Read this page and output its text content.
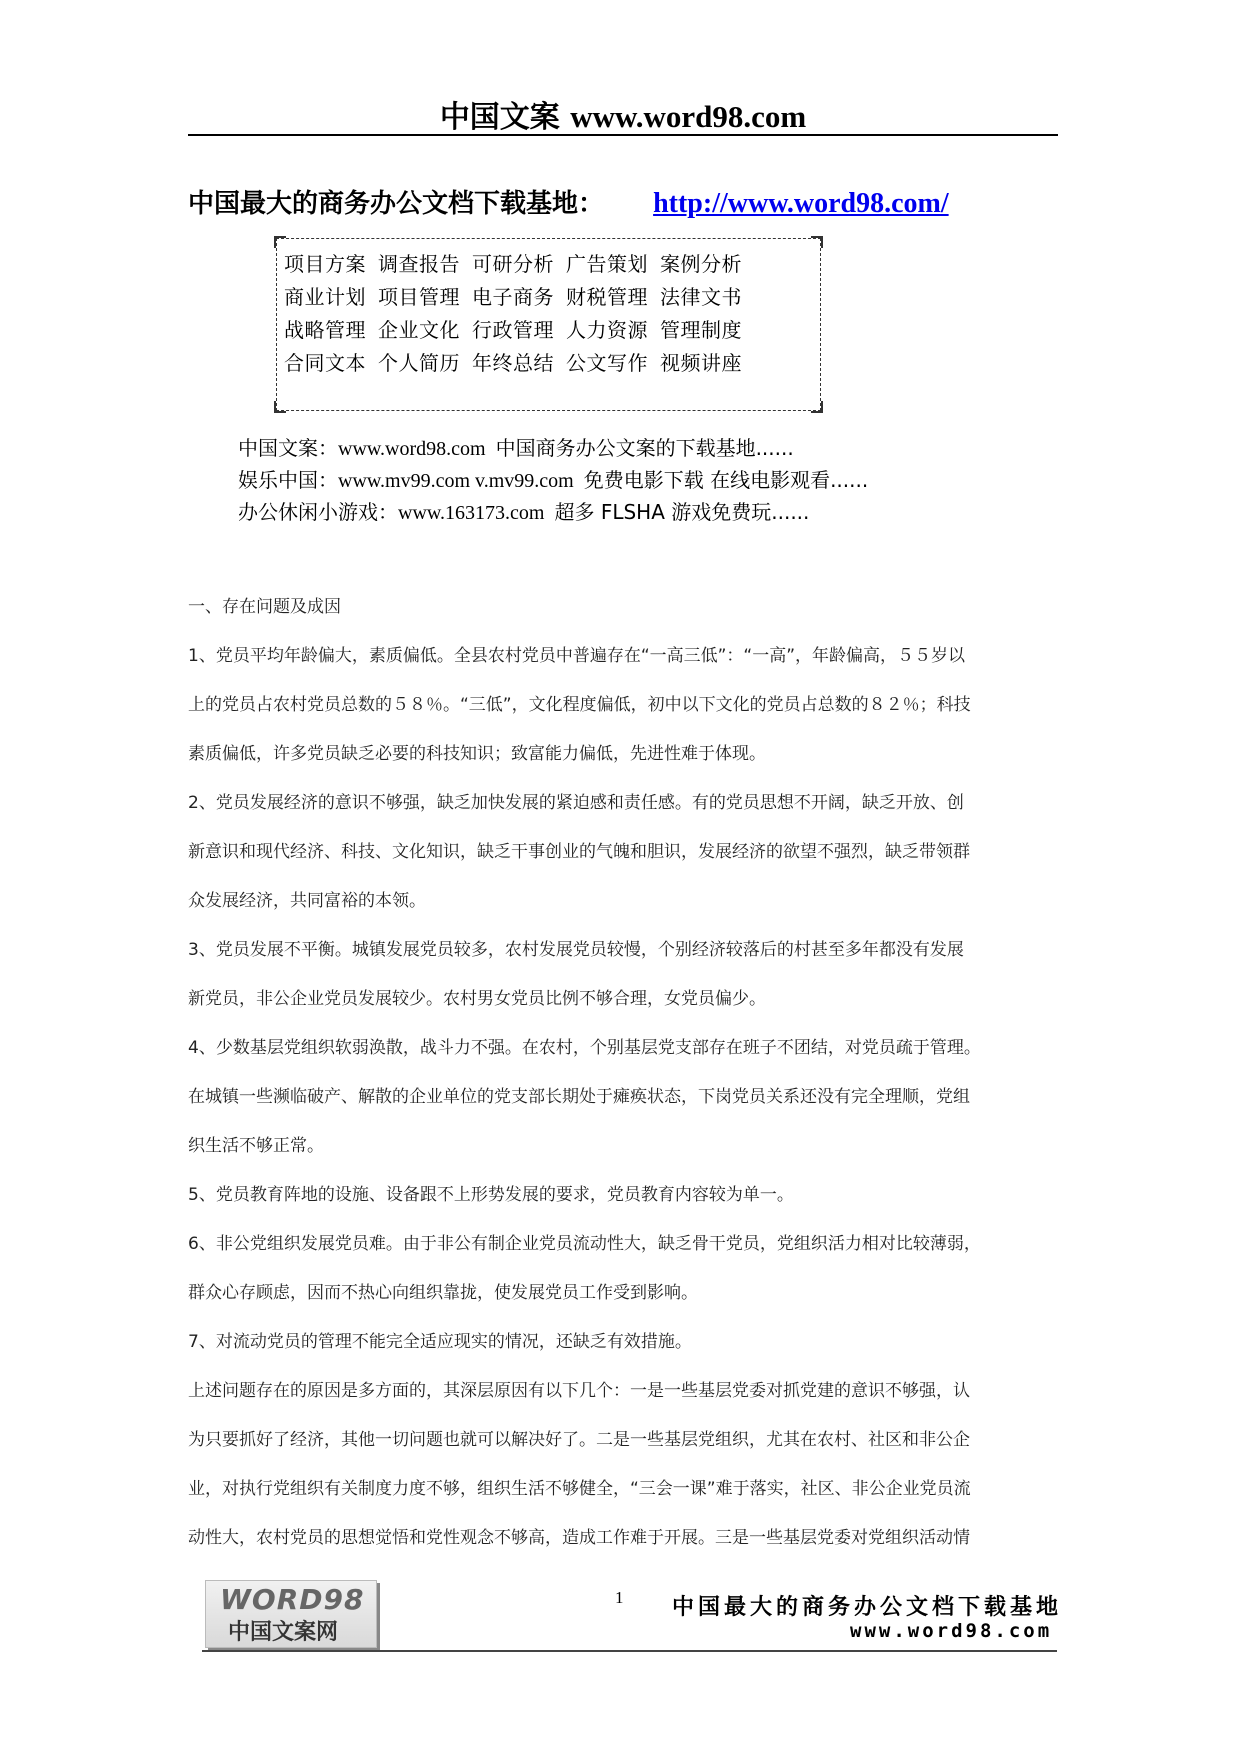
中国文案 www.word98.com
中国最大的商务办公文档下载基地： http://www.word98.com/
项目方案 调查报告 可研分析 广告策划 案例分析
商业计划 项目管理 电子商务 财税管理 法律文书
战略管理 企业文化 行政管理 人力资源 管理制度
合同文本 个人简历 年终总结 公文写作 视频讲座
中国文案：www.word98.com 中国商务办公文案的下载基地......
娱乐中国：www.mv99.com v.mv99.com 免费电影下载 在线电影观看......
办公休闲小游戏：www.163173.com 超多 FLSHA 游戏免费玩......
一、存在问题及成因
1、党员平均年龄偏大，素质偏低。全县农村党员中普遍存在“一高三低”：“一高”，年龄偏高，５５岁以
上的党员占农村党员总数的５８％。“三低”，文化程度偏低，初中以下文化的党员占总数的８２％；科技
素质偏低，许多党员缺乏必要的科技知识；致富能力偏低，先进性难于体现。
2、党员发展经济的意识不够强，缺乏加快发展的紧迫感和责任感。有的党员思想不开阔，缺乏开放、创
新意识和现代经济、科技、文化知识，缺乏干事创业的气魄和胆识，发展经济的欲望不强烈，缺乏带领群
众发展经济，共同富裕的本领。
3、党员发展不平衡。城镇发展党员较多，农村发展党员较慢，个别经济较落后的村甚至多年都没有发展
新党员，非公企业党员发展较少。农村男女党员比例不够合理，女党员偏少。
4、少数基层党组织软弱涣散，战斗力不强。在农村，个别基层党支部存在班子不团结，对党员疏于管理。
在城镇一些濒临破产、解散的企业单位的党支部长期处于瘫痪状态，下岗党员关系还没有完全理顺，党组
织生活不够正常。
5、党员教育阵地的设施、设备跟不上形势发展的要求，党员教育内容较为单一。
6、非公党组织发展党员难。由于非公有制企业党员流动性大，缺乏骨干党员，党组织活力相对比较薄弱，
群众心存顾虑，因而不热心向组织靠拢，使发展党员工作受到影响。
7、对流动党员的管理不能完全适应现实的情况，还缺乏有效措施。
上述问题存在的原因是多方面的，其深层原因有以下几个：一是一些基层党委对抓党建的意识不够强，认
为只要抓好了经济，其他一切问题也就可以解决好了。二是一些基层党组织，尤其在农村、社区和非公企
业，对执行党组织有关制度力度不够，组织生活不够健全，“三会一课”难于落实，社区、非公企业党员流
动性大，农村党员的思想觉悟和党性观念不够高，造成工作难于开展。三是一些基层党委对党组织活动情
WORD98
中国文案网
1 中国最大的商务办公文档下载基地
www.word98.com
